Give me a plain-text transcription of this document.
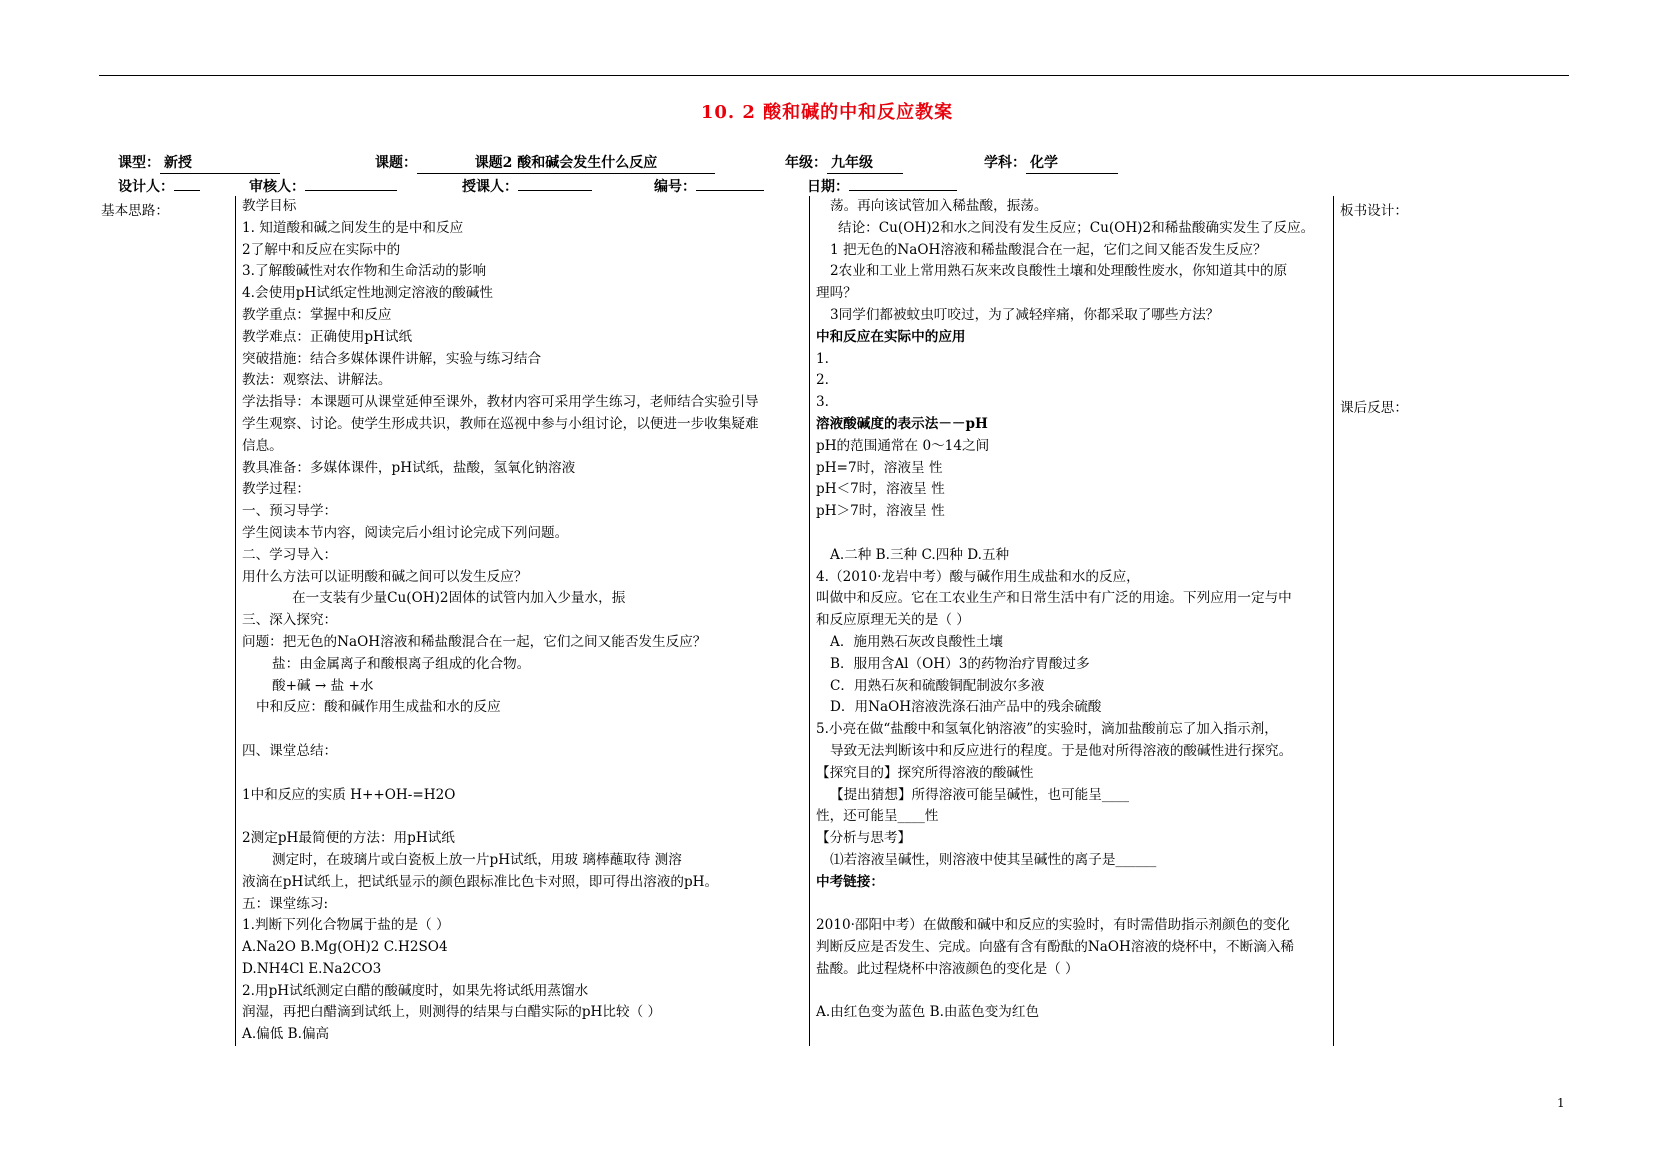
10. 2 酸和碱的中和反应教案
课型： 新授	课题：	课题2 酸和碱会发生什么反应	年级： 九年级	学科： 化学
设计人：	审核人：	授课人：	编号：	日期：
基本思路：	板书设计：
课后反思：
教学目标
1. 知道酸和碱之间发生的是中和反应
2了解中和反应在实际中的
3.了解酸碱性对农作物和生命活动的影响
4.会使用pH试纸定性地测定溶液的酸碱性
教学重点：掌握中和反应
教学难点：正确使用pH试纸
突破措施：结合多媒体课件讲解，实验与练习结合
教法：观察法、讲解法。
学法指导：本课题可从课堂延伸至课外，教材内容可采用学生练习，老师结合实验引导
学生观察、讨论。使学生形成共识，教师在巡视中参与小组讨论，以便进一步收集疑难
信息。
教具准备：多媒体课件，pH试纸，盐酸，氢氧化钠溶液
教学过程：
一、预习导学：
学生阅读本节内容，阅读完后小组讨论完成下列问题。
二、学习导入：
用什么方法可以证明酸和碱之间可以发生反应？
在一支装有少量Cu(OH)2固体的试管内加入少量水，振
三、深入探究：
问题：把无色的NaOH溶液和稀盐酸混合在一起，它们之间又能否发生反应？
盐：由金属离子和酸根离子组成的化合物。
酸+碱 → 盐 +水
中和反应：酸和碱作用生成盐和水的反应
四、课堂总结：
1中和反应的实质 H++OH-=H2O
2测定pH最简便的方法：用pH试纸
测定时，在玻璃片或白瓷板上放一片pH试纸，用玻 璃棒蘸取待 测溶
液滴在pH试纸上，把试纸显示的颜色跟标准比色卡对照，即可得出溶液的pH。
五：课堂练习:
1.判断下列化合物属于盐的是（ ）
A.Na2O B.Mg(OH)2 C.H2SO4
D.NH4Cl E.Na2CO3
2.用pH试纸测定白醋的酸碱度时，如果先将试纸用蒸馏水
润湿，再把白醋滴到试纸上，则测得的结果与白醋实际的pH比较（ ）
A.偏低 B.偏高
荡。再向该试管加入稀盐酸，振荡。
结论：Cu(OH)2和水之间没有发生反应；Cu(OH)2和稀盐酸确实发生了反应。
1 把无色的NaOH溶液和稀盐酸混合在一起，它们之间又能否发生反应？
2农业和工业上常用熟石灰来改良酸性土壤和处理酸性废水，你知道其中的原
理吗？
3同学们都被蚊虫叮咬过，为了减轻痒痛，你都采取了哪些方法？
中和反应在实际中的应用
1.
2.
3.
溶液酸碱度的表示法－－pH
pH的范围通常在 0～14之间
pH=7时，溶液呈 性
pH＜7时，溶液呈 性
pH＞7时，溶液呈 性
A.二种 B.三种 C.四种 D.五种
4.（2010·龙岩中考）酸与碱作用生成盐和水的反应，
叫做中和反应。它在工农业生产和日常生活中有广泛的用途。下列应用一定与中
和反应原理无关的是（ ）
A．施用熟石灰改良酸性土壤
B．服用含Al（OH）3的药物治疗胃酸过多
C．用熟石灰和硫酸铜配制波尔多液
D．用NaOH溶液洗涤石油产品中的残余硫酸
5.小亮在做“盐酸中和氢氧化钠溶液”的实验时，滴加盐酸前忘了加入指示剂，
导致无法判断该中和反应进行的程度。于是他对所得溶液的酸碱性进行探究。
【探究目的】探究所得溶液的酸碱性
【提出猜想】所得溶液可能呈碱性，也可能呈____
性，还可能呈____性
【分析与思考】
⑴若溶液呈碱性，则溶液中使其呈碱性的离子是______
中考链接：
2010·邵阳中考）在做酸和碱中和反应的实验时，有时需借助指示剂颜色的变化
判断反应是否发生、完成。向盛有含有酚酞的NaOH溶液的烧杯中，不断滴入稀
盐酸。此过程烧杯中溶液颜色的变化是（ ）
A.由红色变为蓝色 B.由蓝色变为红色
1
